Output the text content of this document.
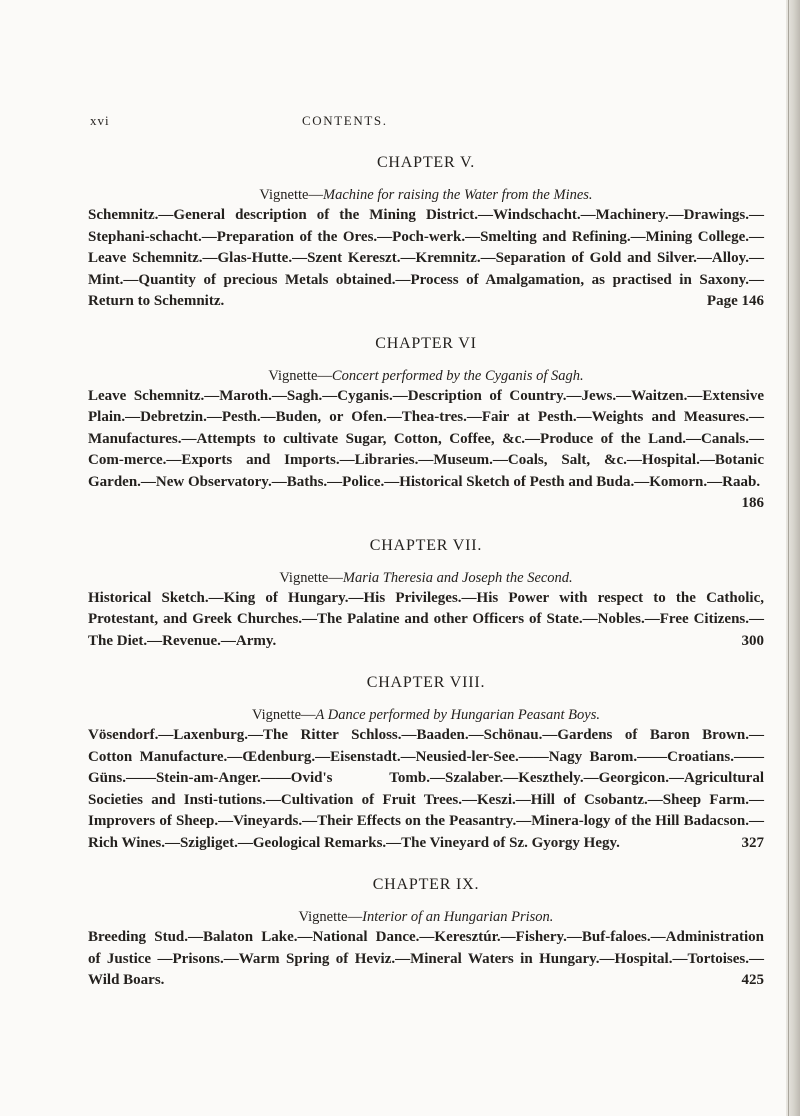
xvi	CONTENTS.
CHAPTER V.
Vignette—Machine for raising the Water from the Mines.

Schemnitz.—General description of the Mining District.—Windschacht.—Machinery.—Drawings.—Stephani-schacht.—Preparation of the Ores.—Poch-werk.—Smelting and Refining.—Mining College.—Leave Schemnitz.—Glas-Hutte.—Szent Kereszt.—Kremnitz.—Separation of Gold and Silver.—Alloy.—Mint.—Quantity of precious Metals obtained.—Process of Amalgamation, as practised in Saxony.—Return to Schemnitz.	Page 146

CHAPTER VI
Vignette—Concert performed by the Cyganis of Sagh.

Leave Schemnitz.—Maroth.—Sagh.—Cyganis.—Description of Country.—Jews.—Waitzen.—Extensive Plain.—Debretzin.—Pesth.—Buden, or Ofen.—Thea-tres.—Fair at Pesth.—Weights and Measures.—Manufactures.—Attempts to cultivate Sugar, Cotton, Coffee, &c.—Produce of the Land.—Canals.—Com-merce.—Exports and Imports.—Libraries.—Museum.—Coals, Salt, &c.—Hospital.—Botanic Garden.—New Observatory.—Baths.—Police.—Historical Sketch of Pesth and Buda.—Komorn.—Raab.
186

CHAPTER VII.
Vignette—Maria Theresia and Joseph the Second.

Historical Sketch.—King of Hungary.—His Privileges.—His Power with respect to the Catholic, Protestant, and Greek Churches.—The Palatine and other Officers of State.—Nobles.—Free Citizens.—The Diet.—Revenue.—Army.	300

CHAPTER VIII.
Vignette—A Dance performed by Hungarian Peasant Boys.

Vösendorf.—Laxenburg.—The Ritter Schloss.—Baaden.—Schönau.—Gardens of Baron Brown.—Cotton Manufacture.—Œdenburg.—Eisenstadt.—Neusied-ler-See.——Nagy Barom.——Croatians.——Güns.——Stein-am-Anger.——Ovid's Tomb.—Szalaber.—Keszthely.—Georgicon.—Agricultural Societies and Insti-tutions.—Cultivation of Fruit Trees.—Keszi.—Hill of Csobantz.—Sheep Farm.—Improvers of Sheep.—Vineyards.—Their Effects on the Peasantry.—Minera-logy of the Hill Badacson.—Rich Wines.—Szigliget.—Geological Remarks.—The Vineyard of Sz. Gyorgy Hegy.	327

CHAPTER IX.
Vignette—Interior of an Hungarian Prison.

Breeding Stud.—Balaton Lake.—National Dance.—Keresztúr.—Fishery.—Buf-faloes.—Administration of Justice —Prisons.—Warm Spring of Heviz.—Mineral Waters in Hungary.—Hospital.—Tortoises.—Wild Boars.	425
